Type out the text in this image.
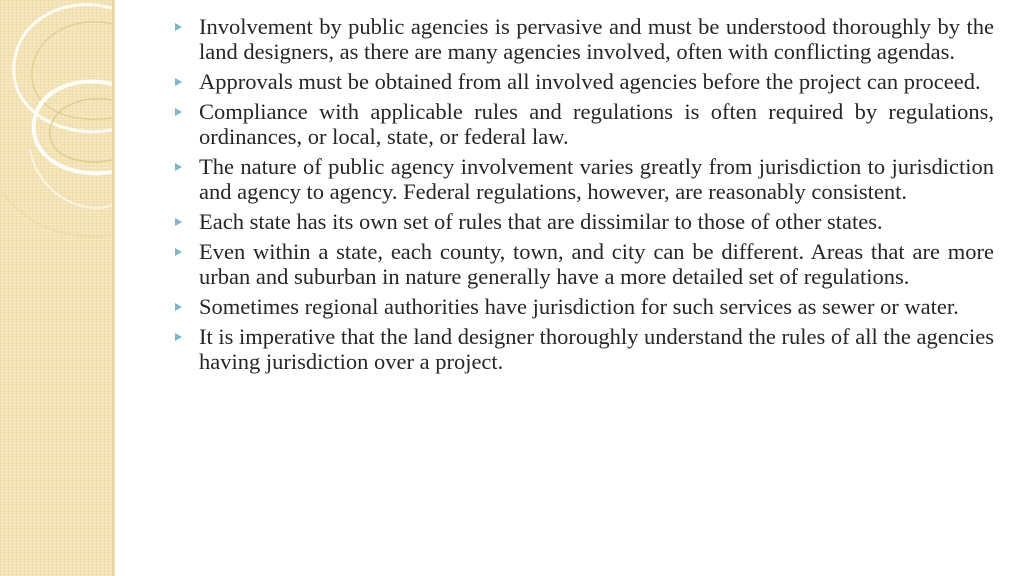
Involvement by public agencies is pervasive and must be understood thoroughly by the land designers, as there are many agencies involved, often with conflicting agendas.
Approvals must be obtained from all involved agencies before the project can proceed.
Compliance with applicable rules and regulations is often required by regulations, ordinances, or local, state, or federal law.
The nature of public agency involvement varies greatly from jurisdiction to jurisdiction and agency to agency. Federal regulations, however, are reasonably consistent.
Each state has its own set of rules that are dissimilar to those of other states.
Even within a state, each county, town, and city can be different. Areas that are more urban and suburban in nature generally have a more detailed set of regulations.
Sometimes regional authorities have jurisdiction for such services as sewer or water.
It is imperative that the land designer thoroughly understand the rules of all the agencies having jurisdiction over a project.
